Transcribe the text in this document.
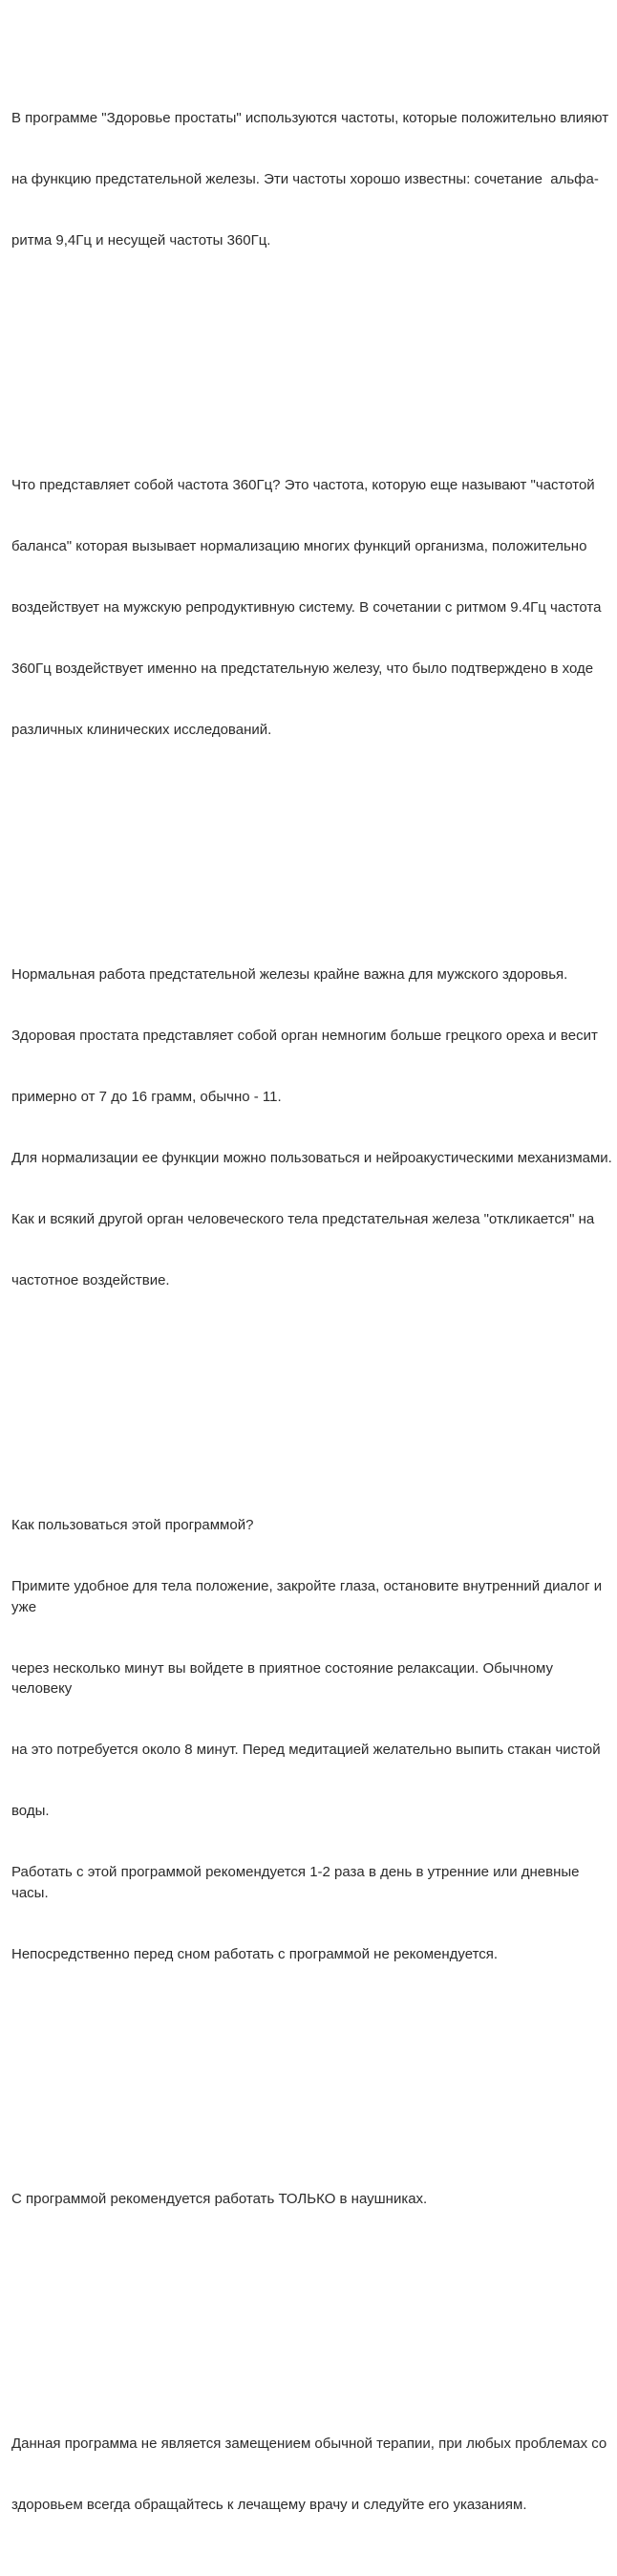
В программе "Здоровье простаты" используются частоты, которые положительно влияют

на функцию предстательной железы. Эти частоты хорошо известны: сочетание  альфа-

ритма 9,4Гц и несущей частоты 360Гц.

Что представляет собой частота 360Гц? Это частота, которую еще называют "частотой

баланса" которая вызывает нормализацию многих функций организма, положительно

воздействует на мужскую репродуктивную систему. В сочетании с ритмом 9.4Гц частота

360Гц воздействует именно на предстательную железу, что было подтверждено в ходе

различных клинических исследований.

Нормальная работа предстательной железы крайне важна для мужского здоровья.

Здоровая простата представляет собой орган немногим больше грецкого ореха и весит

примерно от 7 до 16 грамм, обычно - 11.

Для нормализации ее функции можно пользоваться и нейроакустическими механизмами.

Как и всякий другой орган человеческого тела предстательная железа "откликается" на

частотное воздействие.

Как пользоваться этой программой?

Примите удобное для тела положение, закройте глаза, остановите внутренний диалог и уже

через несколько минут вы войдете в приятное состояние релаксации. Обычному человеку

на это потребуется около 8 минут. Перед медитацией желательно выпить стакан чистой

воды.

Работать с этой программой рекомендуется 1-2 раза в день в утренние или дневные часы.

Непосредственно перед сном работать с программой не рекомендуется.

С программой рекомендуется работать ТОЛЬКО в наушниках.

Данная программа не является замещением обычной терапии, при любых проблемах со

здоровьем всегда обращайтесь к лечащему врачу и следуйте его указаниям.
